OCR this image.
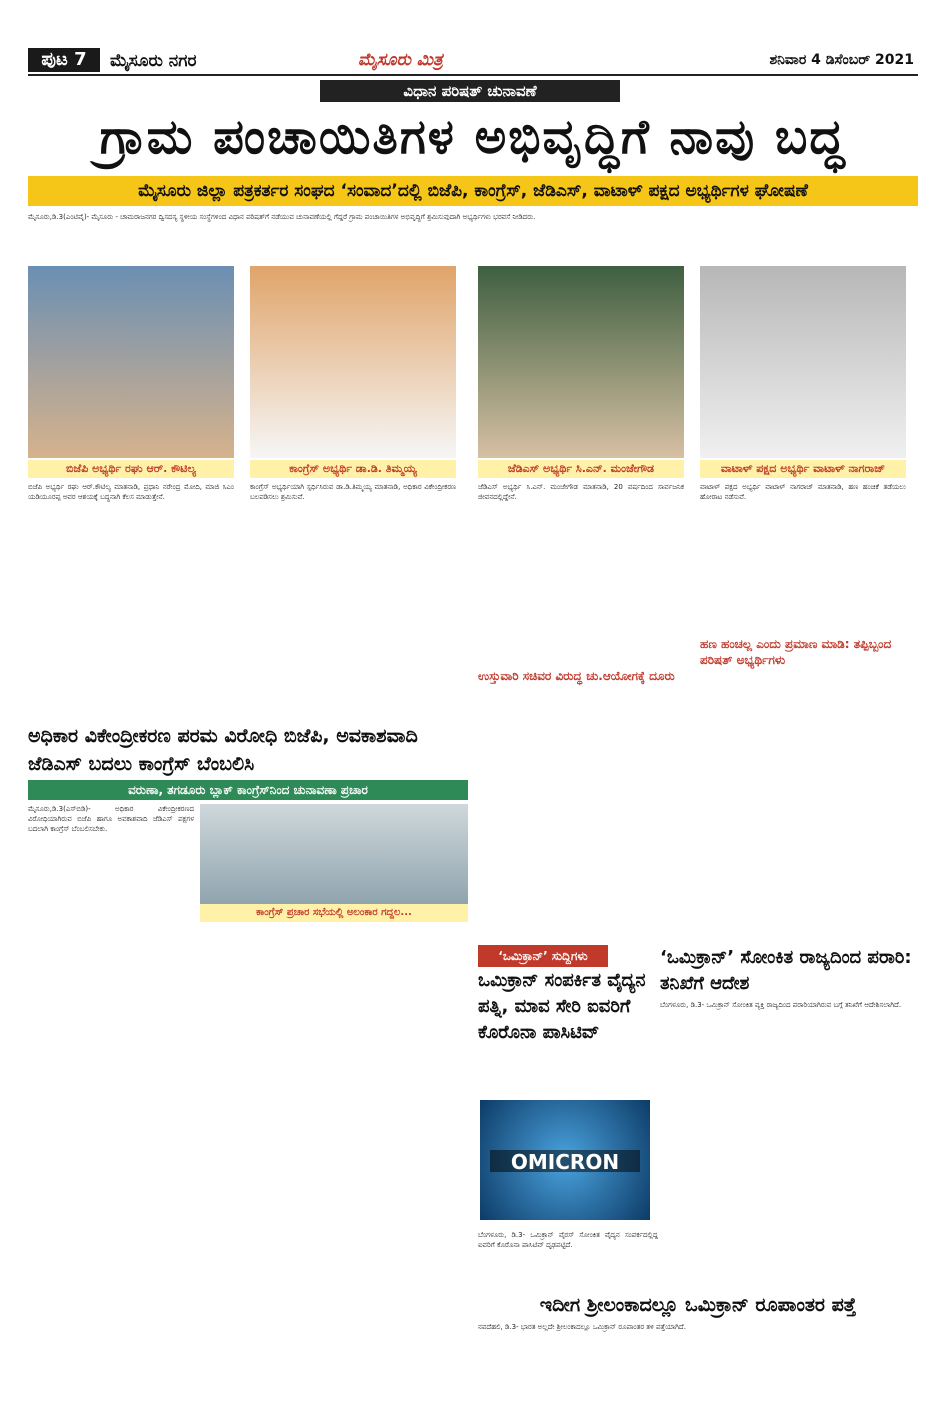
ಪುಟ 7	ಮೈಸೂರು ನಗರ	ಮೈಸೂರು ಮಿತ್ರ	ಶನಿವಾರ 4 ಡಿಸೆಂಬರ್ 2021
ವಿಧಾನ ಪರಿಷತ್ ಚುನಾವಣೆ
ಗ್ರಾಮ ಪಂಚಾಯಿತಿಗಳ ಅಭಿವೃದ್ಧಿಗೆ ನಾವು ಬದ್ಧ
ಮೈಸೂರು ಜಿಲ್ಲಾ ಪತ್ರಕರ್ತರ ಸಂಘದ ‘ಸಂವಾದ’ದಲ್ಲಿ ಬಿಜೆಪಿ, ಕಾಂಗ್ರೆಸ್, ಜೆಡಿಎಸ್, ವಾಟಾಳ್ ಪಕ್ಷದ ಅಭ್ಯರ್ಥಿಗಳ ಘೋಷಣೆ
ಮೈಸೂರು,ಡಿ.3(ಎಂಟಿವೈ)- ಮೈಸೂರು - ಚಾಮರಾಜನಗರ ದ್ವಿಸದಸ್ಯ ಸ್ಥಳೀಯ ಸಂಸ್ಥೆಗಳಿಂದ ವಿಧಾನ ಪರಿಷತ್‌ಗೆ ನಡೆಯುವ ಚುನಾವಣೆಯಲ್ಲಿ ಗೆದ್ದರೆ ಗ್ರಾಮ ಪಂಚಾಯಿತಿಗಳ ಅಭಿವೃದ್ಧಿಗೆ ಶ್ರಮಿಸುವುದಾಗಿ ಅಭ್ಯರ್ಥಿಗಳು ಭರವಸೆ ನೀಡಿದರು.
ಬಿಜೆಪಿ ಅಭ್ಯರ್ಥಿ ರಘು ಆರ್. ಕೌಟಿಲ್ಯ	ಕಾಂಗ್ರೆಸ್ ಅಭ್ಯರ್ಥಿ ಡಾ.ಡಿ. ತಿಮ್ಮಯ್ಯ	ಜೆಡಿಎಸ್ ಅಭ್ಯರ್ಥಿ ಸಿ.ಎನ್. ಮಂಜೇಗೌಡ	ವಾಟಾಳ್ ಪಕ್ಷದ ಅಭ್ಯರ್ಥಿ ವಾಟಾಳ್ ನಾಗರಾಜ್
ಬಿಜೆಪಿ ಅಭ್ಯರ್ಥಿ ರಘು ಆರ್.ಕೌಟಿಲ್ಯ ಮಾತನಾಡಿ, ಪ್ರಧಾನಿ ನರೇಂದ್ರ ಮೋದಿ, ಮಾಜಿ ಸಿಎಂ ಯಡಿಯೂರಪ್ಪ ಅವರ ಆಶಯಕ್ಕೆ ಬದ್ಧನಾಗಿ ಕೆಲಸ ಮಾಡುತ್ತೇನೆ.
ಕಾಂಗ್ರೆಸ್ ಅಭ್ಯರ್ಥಿಯಾಗಿ ಸ್ಪರ್ಧಿಸಿರುವ ಡಾ.ಡಿ.ತಿಮ್ಮಯ್ಯ ಮಾತನಾಡಿ, ಅಧಿಕಾರ ವಿಕೇಂದ್ರೀಕರಣ ಬಲಪಡಿಸಲು ಶ್ರಮಿಸುವೆ.
ಜೆಡಿಎಸ್ ಅಭ್ಯರ್ಥಿ ಸಿ.ಎನ್. ಮಂಜೇಗೌಡ ಮಾತನಾಡಿ, 20 ವರ್ಷದಿಂದ ಸಾರ್ವಜನಿಕ ಜೀವನದಲ್ಲಿದ್ದೇನೆ.
ವಾಟಾಳ್ ಪಕ್ಷದ ಅಭ್ಯರ್ಥಿ ವಾಟಾಳ್ ನಾಗರಾಜ್ ಮಾತನಾಡಿ, ಹಣ ಹಂಚಿಕೆ ತಡೆಯಲು ಹೋರಾಟ ನಡೆಸುವೆ.
ಉಸ್ತುವಾರಿ ಸಚಿವರ ವಿರುದ್ಧ ಚು.ಆಯೋಗಕ್ಕೆ ದೂರು
ಹಣ ಹಂಚಲ್ಲ ಎಂದು ಪ್ರಮಾಣ ಮಾಡಿ: ತಪ್ಪಿಬ್ಬಂದ ಪರಿಷತ್ ಅಭ್ಯರ್ಥಿಗಳು
ಅಧಿಕಾರ ವಿಕೇಂದ್ರೀಕರಣ ಪರಮ ವಿರೋಧಿ ಬಿಜೆಪಿ, ಅವಕಾಶವಾದಿ ಜೆಡಿಎಸ್ ಬದಲು ಕಾಂಗ್ರೆಸ್ ಬೆಂಬಲಿಸಿ
ವರುಣಾ, ತಗಡೂರು ಬ್ಲಾಕ್ ಕಾಂಗ್ರೆಸ್‌ನಿಂದ ಚುನಾವಣಾ ಪ್ರಚಾರ
ಕಾಂಗ್ರೆಸ್ ಪ್ರಚಾರ ಸಭೆಯಲ್ಲಿ ಅಲಂಕಾರ ಗದ್ದಲ...
ಮೈಸೂರು,ಡಿ.3(ಎಸ್‌ಬಿಡಿ)- ಅಧಿಕಾರ ವಿಕೇಂದ್ರೀಕರಣದ ವಿರೋಧಿಯಾಗಿರುವ ಬಿಜೆಪಿ ಹಾಗೂ ಅವಕಾಶವಾದಿ ಜೆಡಿಎಸ್ ಪಕ್ಷಗಳ ಬದಲಾಗಿ ಕಾಂಗ್ರೆಸ್ ಬೆಂಬಲಿಸಬೇಕು.
‘ಒಮಿಕ್ರಾನ್’ ಸುದ್ದಿಗಳು
ಒಮಿಕ್ರಾನ್ ಸಂಪರ್ಕಿತ ವೈದ್ಯನ ಪತ್ನಿ, ಮಾವ ಸೇರಿ ಐವರಿಗೆ ಕೊರೊನಾ ಪಾಸಿಟಿವ್
‘ಒಮಿಕ್ರಾನ್’ ಸೋಂಕಿತ ರಾಜ್ಯದಿಂದ ಪರಾರಿ: ತನಿಖೆಗೆ ಆದೇಶ
OMICRON
ಬೆಂಗಳೂರು, ಡಿ.3- ಒಮಿಕ್ರಾನ್ ವೈರಸ್ ಸೋಂಕಿತ ವೈದ್ಯನ ಸಂಪರ್ಕದಲ್ಲಿದ್ದ ಐವರಿಗೆ ಕೊರೊನಾ ಪಾಸಿಟಿವ್ ದೃಢಪಟ್ಟಿದೆ.
ಬೆಂಗಳೂರು, ಡಿ.3- ಒಮಿಕ್ರಾನ್ ಸೋಂಕಿತ ವ್ಯಕ್ತಿ ರಾಜ್ಯದಿಂದ ಪರಾರಿಯಾಗಿರುವ ಬಗ್ಗೆ ತನಿಖೆಗೆ ಆದೇಶಿಸಲಾಗಿದೆ.
ಇದೀಗ ಶ್ರೀಲಂಕಾದಲ್ಲೂ ಒಮಿಕ್ರಾನ್ ರೂಪಾಂತರ ಪತ್ತೆ
ನವದೆಹಲಿ, ಡಿ.3- ಭಾರತ ಅಲ್ಲದೇ ಶ್ರೀಲಂಕಾದಲ್ಲೂ ಒಮಿಕ್ರಾನ್ ರೂಪಾಂತರ ತಳಿ ಪತ್ತೆಯಾಗಿದೆ.
